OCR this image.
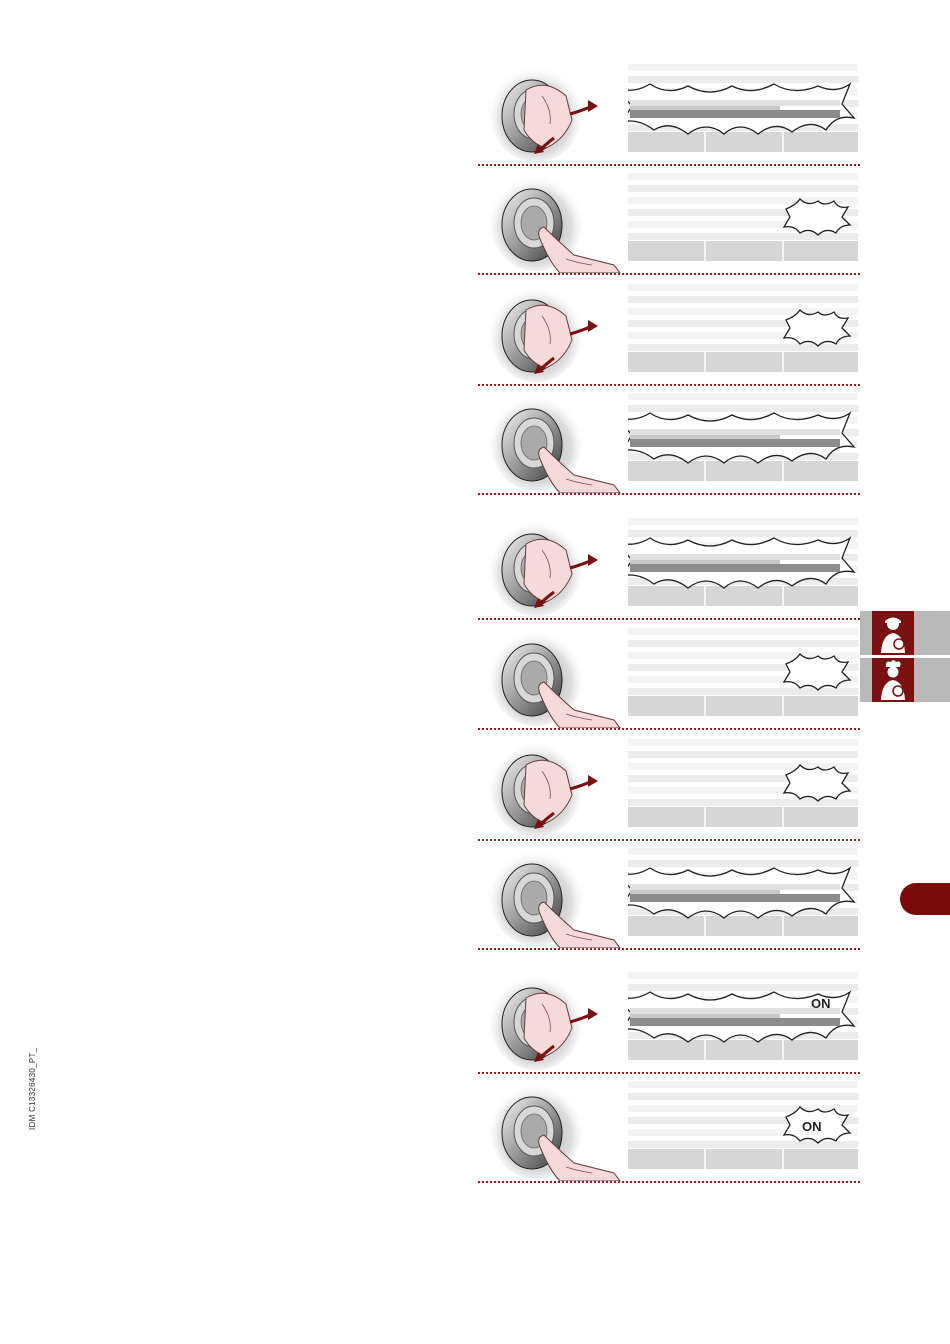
IDM C13326430_PT_
ON
ON
